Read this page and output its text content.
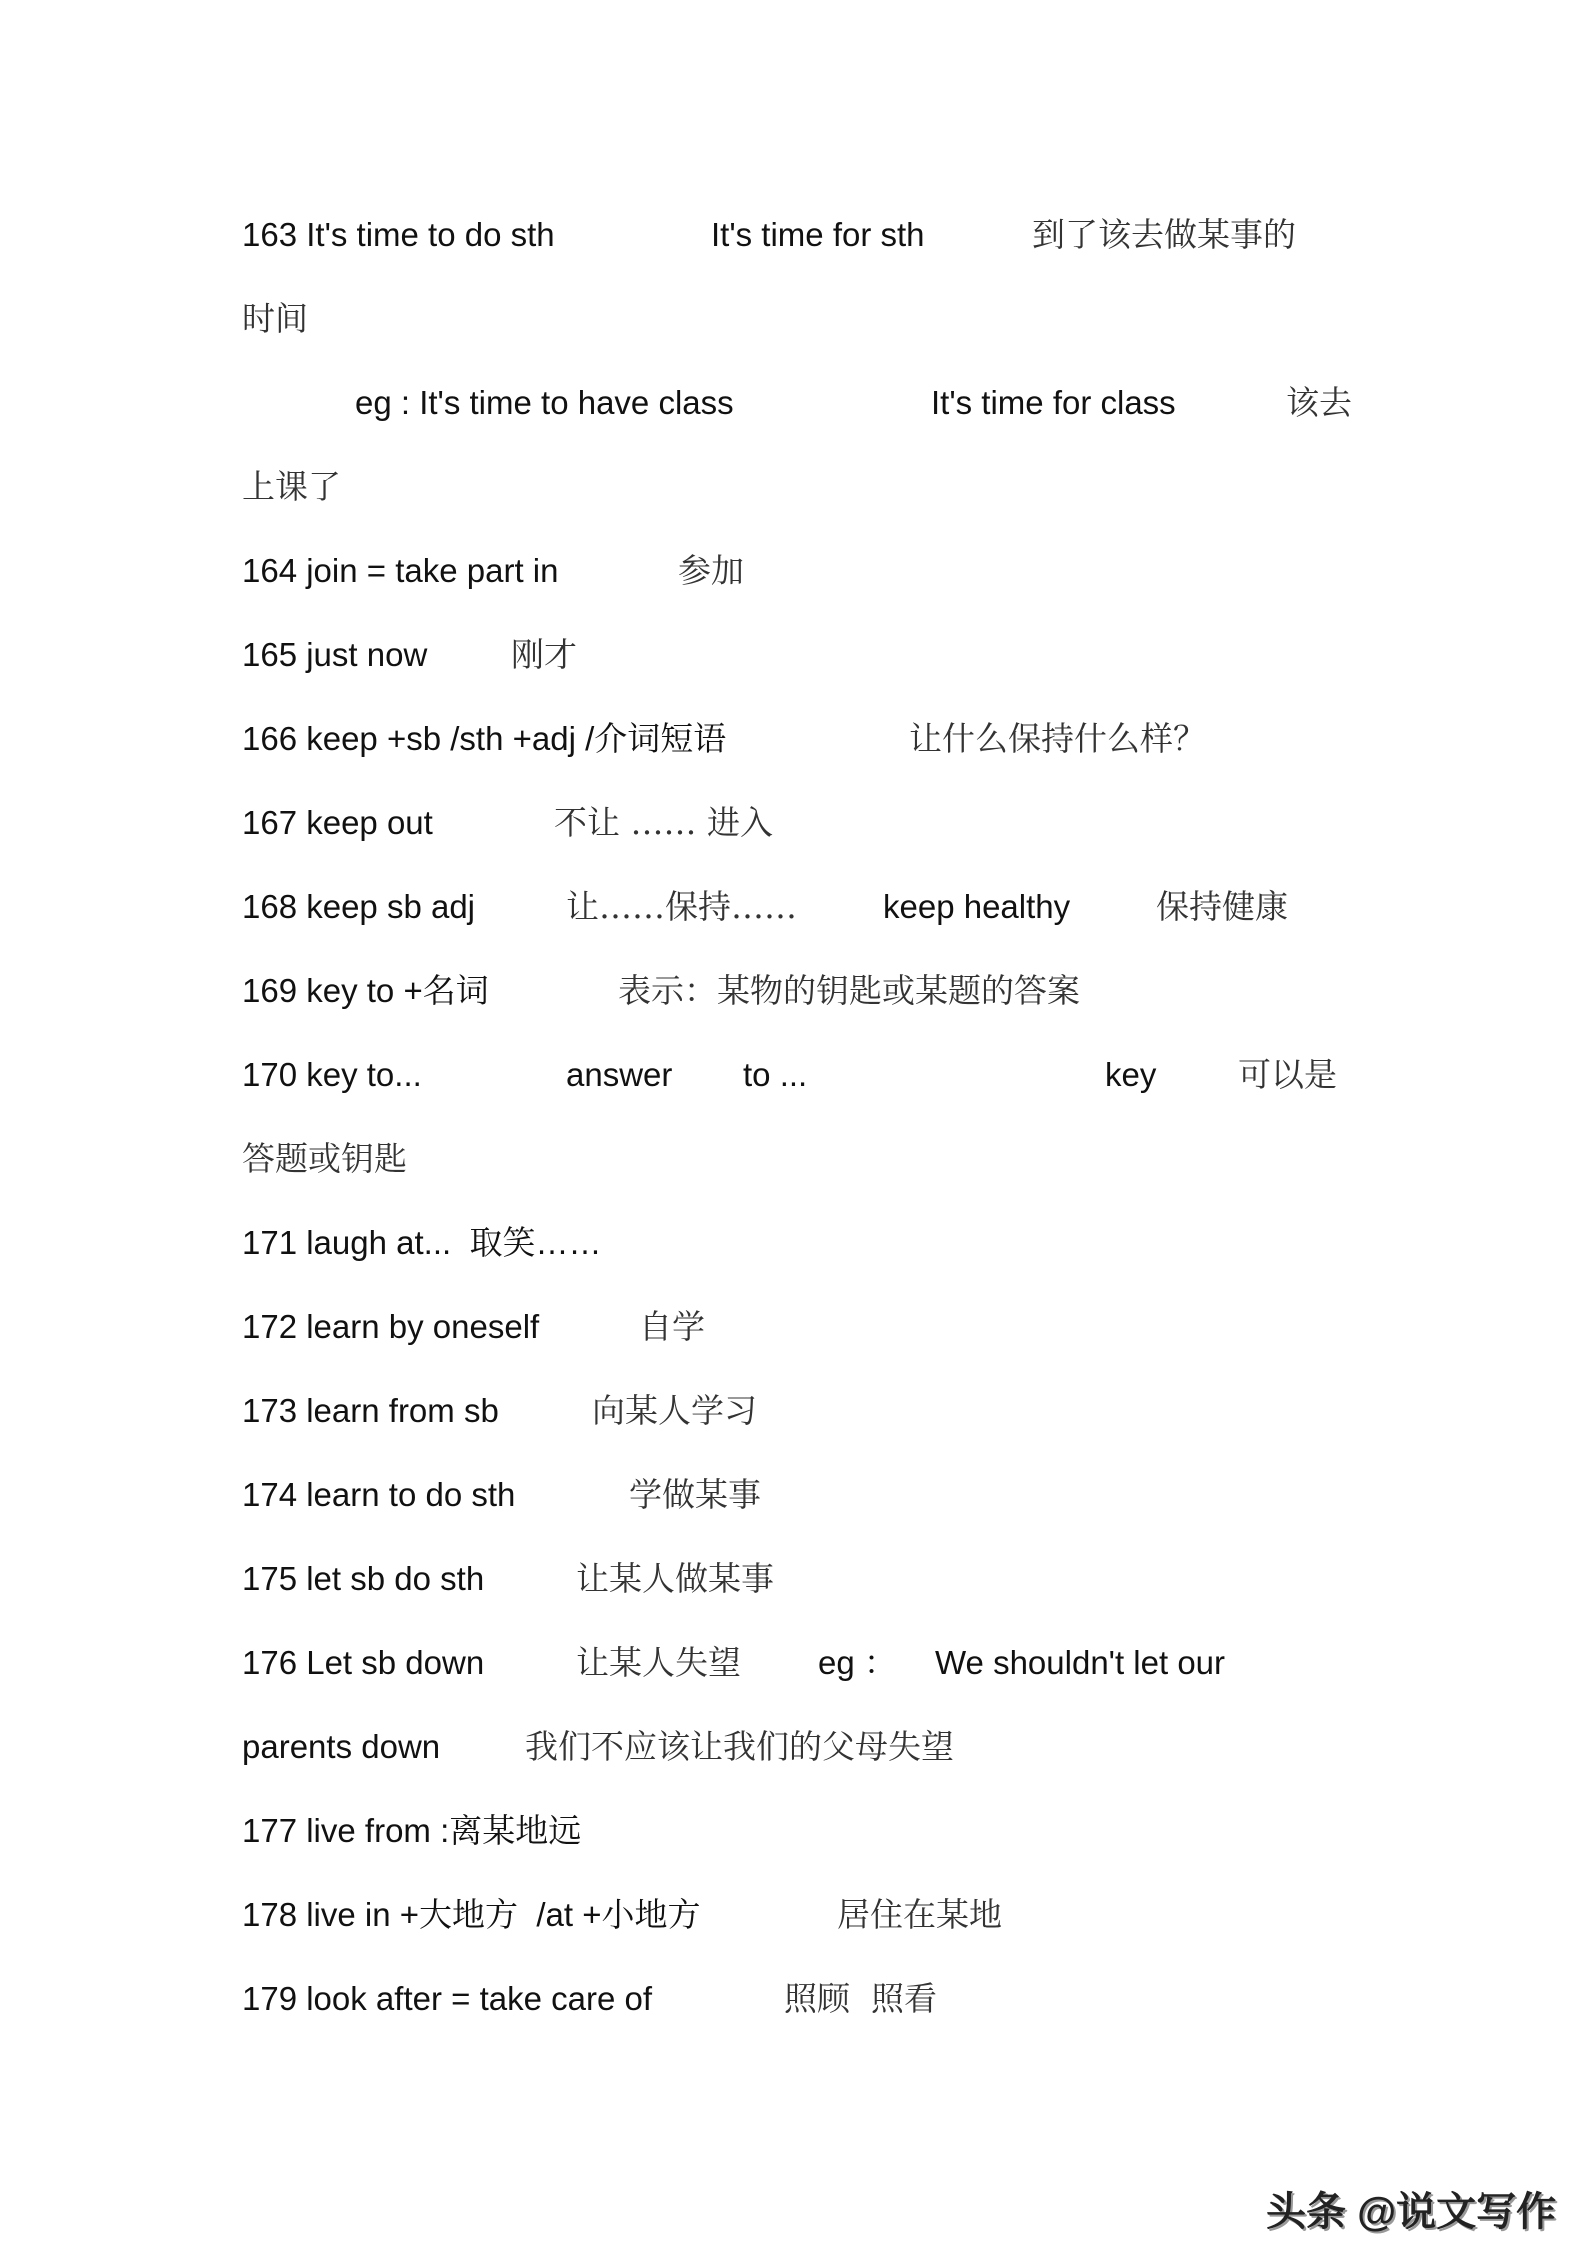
163 It's time to do sth	It's time for sth	到了该去做某事的
时间
eg : It's time to have class	It's time for class	该去
上课了
164 join = take part in	参加
165 just now	刚才
166 keep +sb /sth +adj /介词短语	让什么保持什么样？
167 keep out	不让 …… 进入
168 keep sb adj	让……保持……	keep healthy	保持健康
169 key to +名词	表示：某物的钥匙或某题的答案
170 key to...	answer to ...	key 可以是
答题或钥匙
171 laugh at...  取笑……
172 learn by oneself	自学
173 learn from sb	向某人学习
174 learn to do sth	学做某事
175 let sb do sth	让某人做某事
176 Let sb down	让某人失望 eg ： We shouldn't let our
parents down	我们不应该让我们的父母失望
177 live from :离某地远
178 live in +大地方  /at +小地方	居住在某地
179 look after = take care of	照顾  照看
头条 @说文写作
